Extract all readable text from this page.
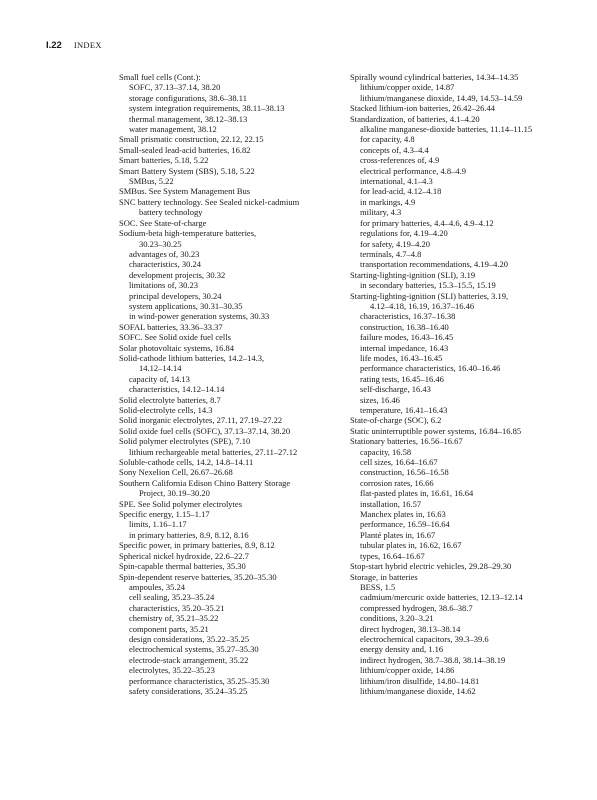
I.22 INDEX
Small fuel cells (Cont.):
SOFC, 37.13–37.14, 38.20
storage configurations, 38.6–38.11
system integration requirements, 38.11–38.13
thermal management, 38.12–38.13
water management, 38.12
Small prismatic construction, 22.12, 22.15
Small-sealed lead-acid batteries, 16.82
Smart batteries, 5.18, 5.22
Smart Battery System (SBS), 5.18, 5.22
SMBus, 5.22
SMBus. See System Management Bus
SNC battery technology. See Sealed nickel-cadmium
battery technology
SOC. See State-of-charge
Sodium-beta high-temperature batteries,
30.23–30.25
advantages of, 30.23
characteristics, 30.24
development projects, 30.32
limitations of, 30.23
principal developers, 30.24
system applications, 30.31–30.35
in wind-power generation systems, 30.33
SOFAL batteries, 33.36–33.37
SOFC. See Solid oxide fuel cells
Solar photovoltaic systems, 16.84
Solid-cathode lithium batteries, 14.2–14.3,
14.12–14.14
capacity of, 14.13
characteristics, 14.12–14.14
Solid electrolyte batteries, 8.7
Solid-electrolyte cells, 14.3
Solid inorganic electrolytes, 27.11, 27.19–27.22
Solid oxide fuel cells (SOFC), 37.13–37.14, 38.20
Solid polymer electrolytes (SPE), 7.10
lithium rechargeable metal batteries, 27.11–27.12
Soluble-cathode cells, 14.2, 14.8–14.11
Sony Nexelion Cell, 26.67–26.68
Southern California Edison Chino Battery Storage
Project, 30.19–30.20
SPE. See Solid polymer electrolytes
Specific energy, 1.15–1.17
limits, 1.16–1.17
in primary batteries, 8.9, 8.12, 8.16
Specific power, in primary batteries, 8.9, 8.12
Spherical nickel hydroxide, 22.6–22.7
Spin-capable thermal batteries, 35.30
Spin-dependent reserve batteries, 35.20–35.30
ampoules, 35.24
cell sealing, 35.23–35.24
characteristics, 35.20–35.21
chemistry of, 35.21–35.22
component parts, 35.21
design considerations, 35.22–35.25
electrochemical systems, 35.27–35.30
electrode-stack arrangement, 35.22
electrolytes, 35.22–35.23
performance characteristics, 35.25–35.30
safety considerations, 35.24–35.25
Spirally wound cylindrical batteries, 14.34–14.35
lithium/copper oxide, 14.87
lithium/manganese dioxide, 14.49, 14.53–14.59
Stacked lithium-ion batteries, 26.42–26.44
Standardization, of batteries, 4.1–4.20
alkaline manganese-dioxide batteries, 11.14–11.15
for capacity, 4.8
concepts of, 4.3–4.4
cross-references of, 4.9
electrical performance, 4.8–4.9
international, 4.1–4.3
for lead-acid, 4.12–4.18
in markings, 4.9
military, 4.3
for primary batteries, 4.4–4.6, 4.9–4.12
regulations for, 4.19–4.20
for safety, 4.19–4.20
terminals, 4.7–4.8
transportation recommendations, 4.19–4.20
Starting-lighting-ignition (SLI), 3.19
in secondary batteries, 15.3–15.5, 15.19
Starting-lighting-ignition (SLI) batteries, 3.19,
4.12–4.18, 16.19, 16.37–16.46
characteristics, 16.37–16.38
construction, 16.38–16.40
failure modes, 16.43–16.45
internal impedance, 16.43
life modes, 16.43–16.45
performance characteristics, 16.40–16.46
rating tests, 16.45–16.46
self-discharge, 16.43
sizes, 16.46
temperature, 16.41–16.43
State-of-charge (SOC), 6.2
Static uninterruptible power systems, 16.84–16.85
Stationary batteries, 16.56–16.67
capacity, 16.58
cell sizes, 16.64–16.67
construction, 16.56–16.58
corrosion rates, 16.66
flat-pasted plates in, 16.61, 16.64
installation, 16.57
Manchex plates in, 16.63
performance, 16.59–16.64
Planté plates in, 16.67
tubular plates in, 16.62, 16.67
types, 16.64–16.67
Stop-start hybrid electric vehicles, 29.28–29.30
Storage, in batteries
BESS, 1.5
cadmium/mercuric oxide batteries, 12.13–12.14
compressed hydrogen, 38.6–38.7
conditions, 3.20–3.21
direct hydrogen, 38.13–38.14
electrochemical capacitors, 39.3–39.6
energy density and, 1.16
indirect hydrogen, 38.7–38.8, 38.14–38.19
lithium/copper oxide, 14.86
lithium/iron disulfide, 14.80–14.81
lithium/manganese dioxide, 14.62
